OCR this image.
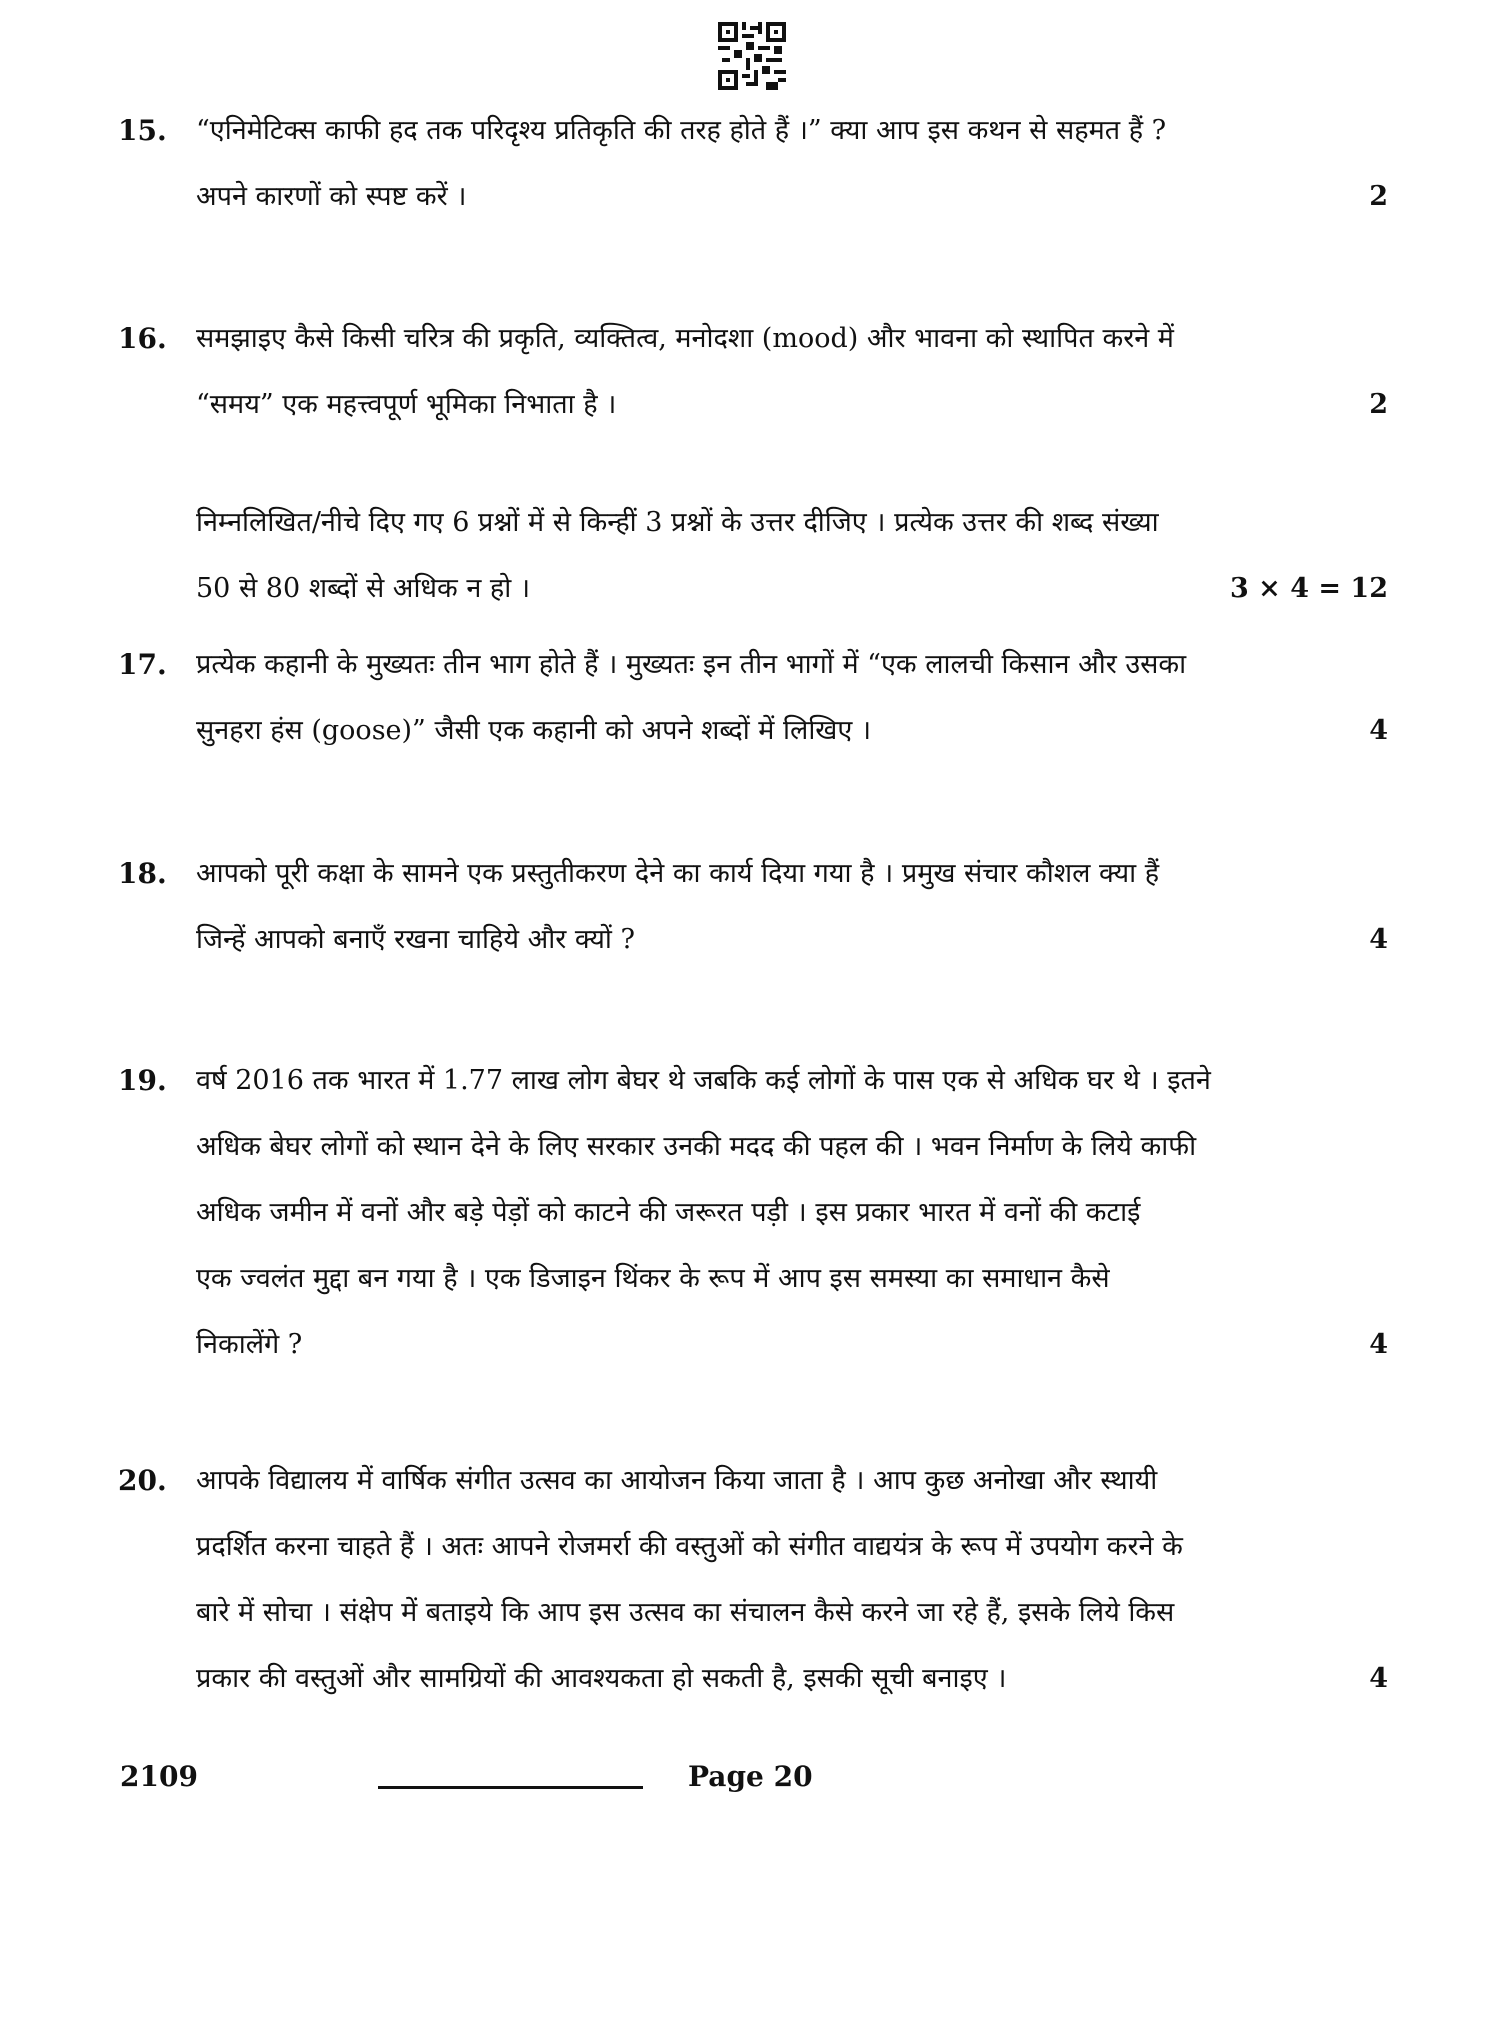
15. “एनिमेटिक्स काफी हद तक परिदृश्य प्रतिकृति की तरह होते हैं ।” क्या आप इस कथन से सहमत हैं ?
अपने कारणों को स्पष्ट करें ।	2
16. समझाइए कैसे किसी चरित्र की प्रकृति, व्यक्तित्व, मनोदशा (mood) और भावना को स्थापित करने में
“समय” एक महत्त्वपूर्ण भूमिका निभाता है ।	2
निम्नलिखित/नीचे दिए गए 6 प्रश्नों में से किन्हीं 3 प्रश्नों के उत्तर दीजिए । प्रत्येक उत्तर की शब्द संख्या
50 से 80 शब्दों से अधिक न हो ।	3 × 4 = 12
17. प्रत्येक कहानी के मुख्यतः तीन भाग होते हैं । मुख्यतः इन तीन भागों में “एक लालची किसान और उसका
सुनहरा हंस (goose)” जैसी एक कहानी को अपने शब्दों में लिखिए ।	4
18. आपको पूरी कक्षा के सामने एक प्रस्तुतीकरण देने का कार्य दिया गया है । प्रमुख संचार कौशल क्या हैं
जिन्हें आपको बनाएँ रखना चाहिये और क्यों ?	4
19. वर्ष 2016 तक भारत में 1.77 लाख लोग बेघर थे जबकि कई लोगों के पास एक से अधिक घर थे । इतने
अधिक बेघर लोगों को स्थान देने के लिए सरकार उनकी मदद की पहल की । भवन निर्माण के लिये काफी
अधिक जमीन में वनों और बड़े पेड़ों को काटने की जरूरत पड़ी । इस प्रकार भारत में वनों की कटाई
एक ज्वलंत मुद्दा बन गया है । एक डिजाइन थिंकर के रूप में आप इस समस्या का समाधान कैसे
निकालेंगे ?	4
20. आपके विद्यालय में वार्षिक संगीत उत्सव का आयोजन किया जाता है । आप कुछ अनोखा और स्थायी
प्रदर्शित करना चाहते हैं । अतः आपने रोजमर्रा की वस्तुओं को संगीत वाद्ययंत्र के रूप में उपयोग करने के
बारे में सोचा । संक्षेप में बताइये कि आप इस उत्सव का संचालन कैसे करने जा रहे हैं, इसके लिये किस
प्रकार की वस्तुओं और सामग्रियों की आवश्यकता हो सकती है, इसकी सूची बनाइए ।	4
2109	Page 20
